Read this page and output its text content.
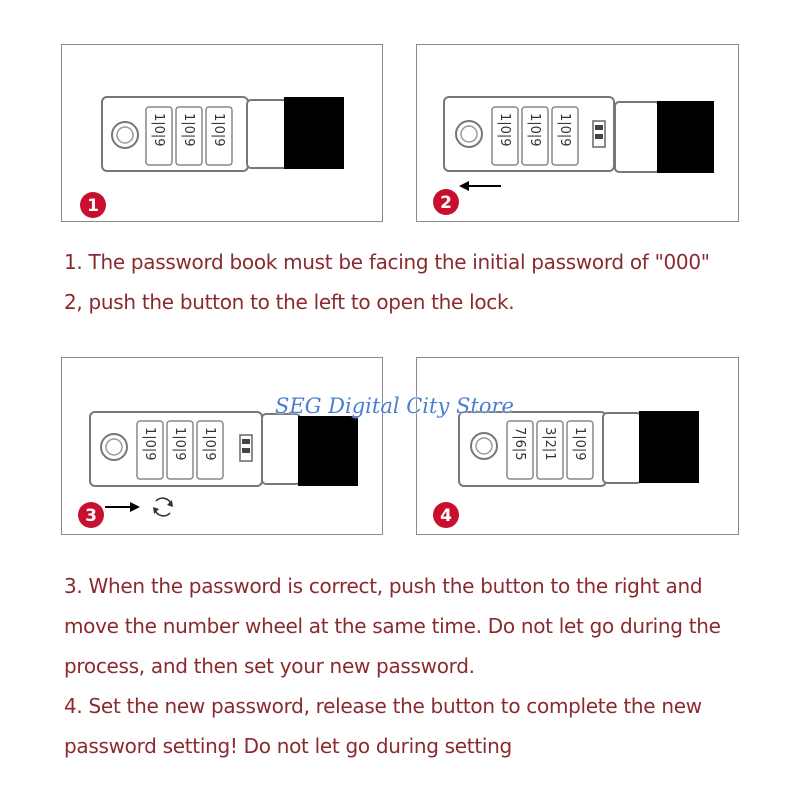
1|0|9 1|0|9 1|0|9
1
1|0|9 1|0|9 1|0|9
2
1. The password book must be facing the initial password of "000"
2, push the button to the left to open the lock.
1|0|9 1|0|9 1|0|9
3
7|6|5 3|2|1 1|0|9
4
SEG Digital City Store
3. When the password is correct, push the button to the right and
move the number wheel at the same time. Do not let go during the
process, and then set your new password.
4. Set the new password, release the button to complete the new
password setting! Do not let go during setting
